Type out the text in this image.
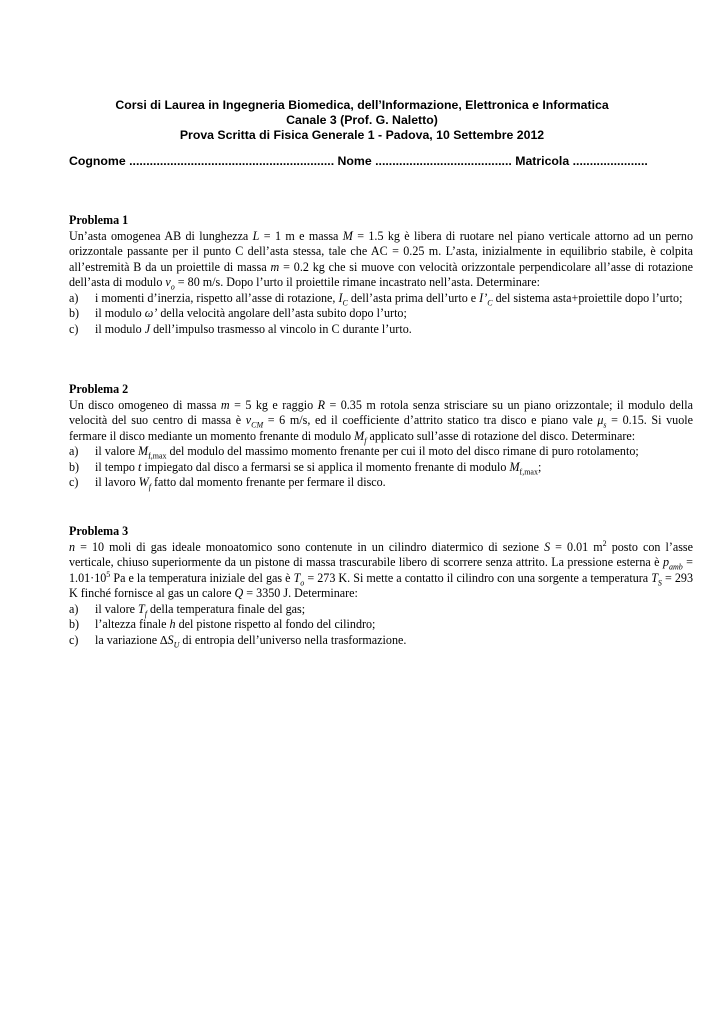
Corsi di Laurea in Ingegneria Biomedica, dell’Informazione, Elettronica e Informatica
Canale 3 (Prof. G. Naletto)
Prova Scritta di Fisica Generale 1 - Padova, 10 Settembre 2012
Cognome ............................................................ Nome ........................................ Matricola ......................
Problema 1
Un’asta omogenea AB di lunghezza L = 1 m e massa M = 1.5 kg è libera di ruotare nel piano verticale attorno ad un perno orizzontale passante per il punto C dell’asta stessa, tale che AC = 0.25 m. L’asta, inizialmente in equilibrio stabile, è colpita all’estremità B da un proiettile di massa m = 0.2 kg che si muove con velocità orizzontale perpendicolare all’asse di rotazione dell’asta di modulo $v_o = 80$ m/s. Dopo l’urto il proiettile rimane incastrato nell’asta. Determinare:
a) i momenti d’inerzia, rispetto all’asse di rotazione, $I_C$ dell’asta prima dell’urto e $I’_C$ del sistema asta+proiettile dopo l’urto;
b) il modulo ω’ della velocità angolare dell’asta subito dopo l’urto;
c) il modulo J dell’impulso trasmesso al vincolo in C durante l’urto.
Problema 2
Un disco omogeneo di massa m = 5 kg e raggio R = 0.35 m rotola senza strisciare su un piano orizzontale; il modulo della velocità del suo centro di massa è $v_{CM} = 6$ m/s, ed il coefficiente d’attrito statico tra disco e piano vale $\mu_s = 0.15$. Si vuole fermare il disco mediante un momento frenante di modulo $M_f$ applicato sull’asse di rotazione del disco. Determinare:
a) il valore $M_{f,max}$ del modulo del massimo momento frenante per cui il moto del disco rimane di puro rotolamento;
b) il tempo t impiegato dal disco a fermarsi se si applica il momento frenante di modulo $M_{f,max}$;
c) il lavoro $W_f$ fatto dal momento frenante per fermare il disco.
Problema 3
n = 10 moli di gas ideale monoatomico sono contenute in un cilindro diatermico di sezione S = 0.01 $m^2$ posto con l’asse verticale, chiuso superiormente da un pistone di massa trascurabile libero di scorrere senza attrito. La pressione esterna è $p_{amb} = 1.01\cdot 10^5$ Pa e la temperatura iniziale del gas è $T_o = 273$ K. Si mette a contatto il cilindro con una sorgente a temperatura $T_S = 293$ K finché fornisce al gas un calore Q = 3350 J. Determinare:
a) il valore $T_f$ della temperatura finale del gas;
b) l’altezza finale h del pistone rispetto al fondo del cilindro;
c) la variazione $\Delta S_U$ di entropia dell’universo nella trasformazione.
